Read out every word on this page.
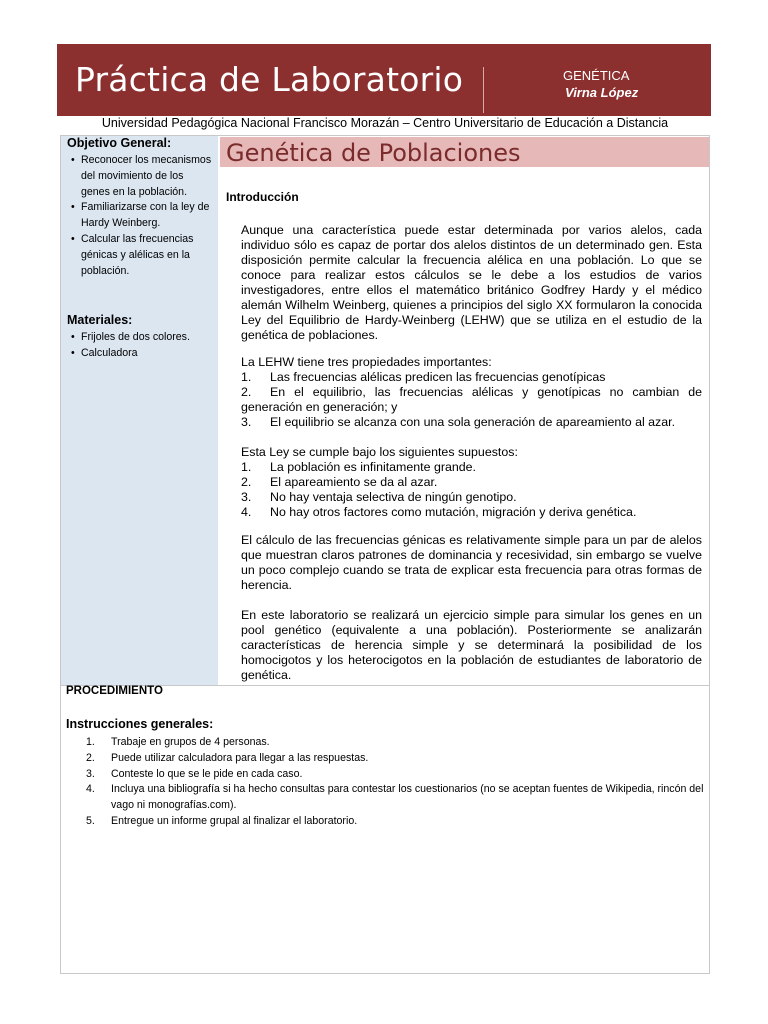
Práctica de Laboratorio	GENÉTICA
Virna López
Universidad Pedagógica Nacional Francisco Morazán – Centro Universitario de Educación a Distancia
Objetivo General:
• Reconocer los mecanismos del movimiento de los genes en la población.
• Familiarizarse con la ley de Hardy Weinberg.
• Calcular las frecuencias génicas y alélicas en la población.
Materiales:
• Frijoles de dos colores.
• Calculadora
Genética de Poblaciones
Introducción

Aunque una característica puede estar determinada por varios alelos, cada individuo sólo es capaz de portar dos alelos distintos de un determinado gen. Esta disposición permite calcular la frecuencia alélica en una población. Lo que se conoce para realizar estos cálculos se le debe a los estudios de varios investigadores, entre ellos el matemático británico Godfrey Hardy y el médico alemán Wilhelm Weinberg, quienes a principios del siglo XX formularon la conocida Ley del Equilibrio de Hardy-Weinberg (LEHW) que se utiliza en el estudio de la genética de poblaciones.

La LEHW tiene tres propiedades importantes:

1. Las frecuencias alélicas predicen las frecuencias genotípicas
2. En el equilibrio, las frecuencias alélicas y genotípicas no cambian de generación en generación; y
3. El equilibrio se alcanza con una sola generación de apareamiento al azar.

Esta Ley se cumple bajo los siguientes supuestos:

1. La población es infinitamente grande.
2. El apareamiento se da al azar.
3. No hay ventaja selectiva de ningún genotipo.
4. No hay otros factores como mutación, migración y deriva genética.

El cálculo de las frecuencias génicas es relativamente simple para un par de alelos que muestran claros patrones de dominancia y recesividad, sin embargo se vuelve un poco complejo cuando se trata de explicar esta frecuencia para otras formas de herencia.

En este laboratorio se realizará un ejercicio simple para simular los genes en un pool genético (equivalente a una población). Posteriormente se analizarán características de herencia simple y se determinará la posibilidad de los homocigotos y los heterocigotos en la población de estudiantes de laboratorio de genética.

PROCEDIMIENTO
Instrucciones generales:
1. Trabaje en grupos de 4 personas.
2. Puede utilizar calculadora para llegar a las respuestas.
3. Conteste lo que se le pide en cada caso.
4. Incluya una bibliografía si ha hecho consultas para contestar los cuestionarios (no se aceptan fuentes de Wikipedia, rincón del vago ni monografías.com).
5. Entregue un informe grupal al finalizar el laboratorio.
